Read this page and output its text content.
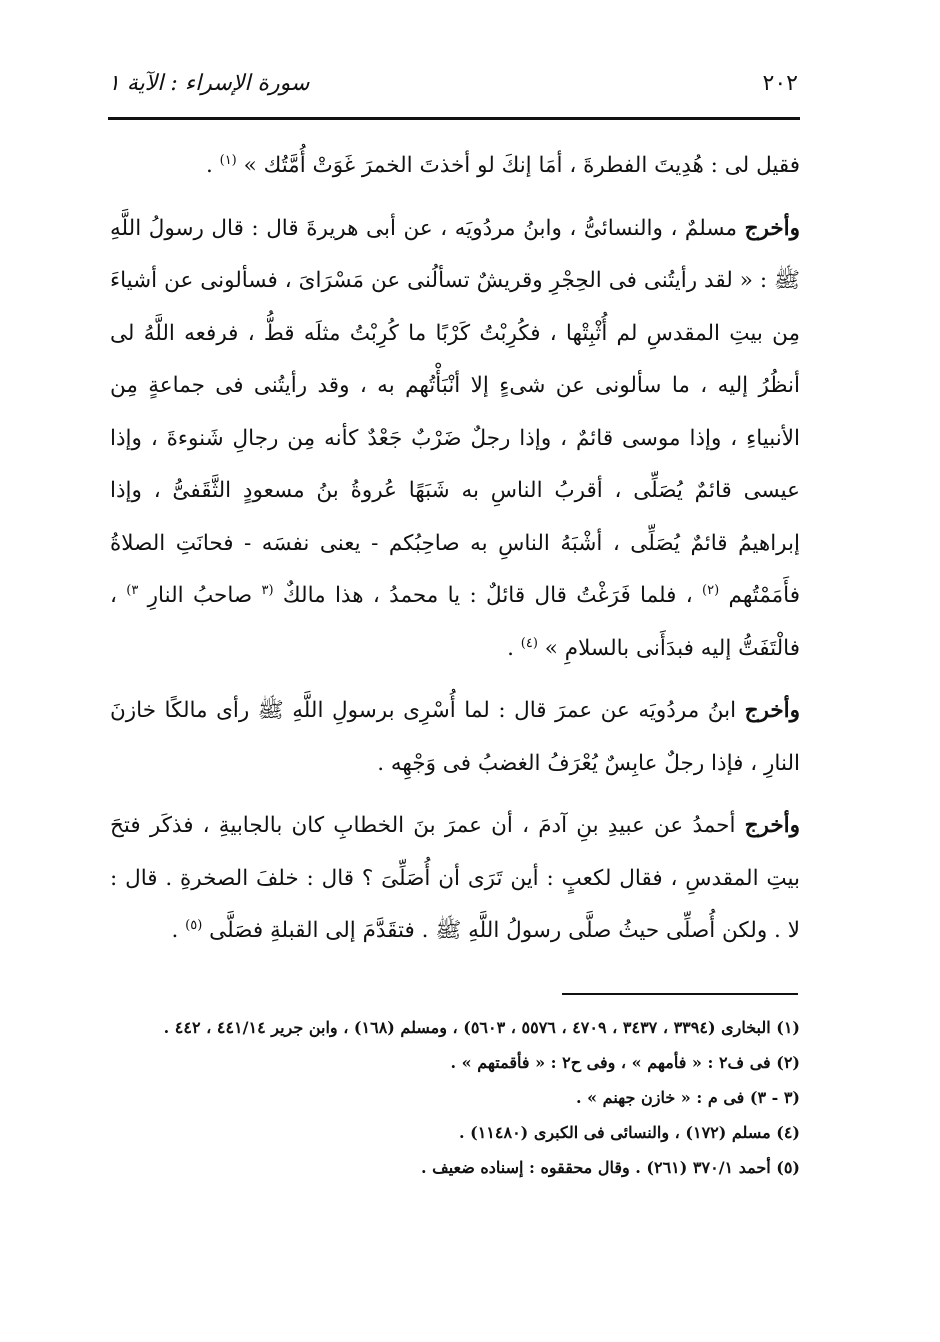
٢٠٢
سورة الإسراء : الآية ١

فقيل لى : هُدِيتَ الفطرةَ ، أمَا إنكَ لو أخذتَ الخمرَ غَوَتْ أُمَّتُك » $^{(١)}$ .

وأخرج مسلمٌ ، والنسائىُّ ، وابنُ مردُويَه ، عن أبى هريرةَ قال : قال رسولُ اللَّهِ ﷺ : « لقد رأيتُنى فى الحِجْرِ وقريشٌ تسألُنى عن مَسْرَاىَ ، فسألونى عن أشياءَ مِن بيتِ المقدسِ لم أُثْبِتْها ، فكُرِبْتُ كَرْبًا ما كُرِبْتُ مثلَه قطُّ ، فرفعه اللَّهُ لى أنظُرُ إليه ، ما سألونى عن شىءٍ إلا أنْبَأْتُهم به ، وقد رأيتُنى فى جماعةٍ مِن الأنبياءِ ، وإذا موسى قائمٌ ، وإذا رجلٌ ضَرْبٌ جَعْدٌ كأنه مِن رجالِ شَنوءةَ ، وإذا عيسى قائمٌ يُصَلِّى ، أقربُ الناسِ به شَبَهًا عُروةُ بنُ مسعودٍ الثَّقَفىُّ ، وإذا إبراهيمُ قائمٌ يُصَلِّى ، أشْبَهُ الناسِ به صاحِبُكم - يعنى نفسَه - فحانَتِ الصلاةُ فأَمَمْتُهم $^{(٢)}$ ، فلما فَرَغْتُ قال قائلٌ : يا محمدُ ، هذا مالكٌ $^{(٣}$ صاحبُ النارِ $^{٣)}$ ، فالْتَفَتُّ إليه فبدَأَنى بالسلامِ » $^{(٤)}$ .

وأخرج ابنُ مردُويَه عن عمرَ قال : لما أُسْرِى برسولِ اللَّهِ ﷺ رأى مالكًا خازنَ النارِ ، فإذا رجلٌ عابِسٌ يُعْرَفُ الغضبُ فى وَجْهِه .

وأخرج أحمدُ عن عبيدِ بنِ آدمَ ، أن عمرَ بنَ الخطابِ كان بالجابيةِ ، فذكَر فتحَ بيتِ المقدسِ ، فقال لكعبٍ : أين تَرَى أن أُصَلِّىَ ؟ قال : خلفَ الصخرةِ . قال : لا . ولكن أُصلِّى حيثُ صلَّى رسولُ اللَّهِ ﷺ . فتقَدَّمَ إلى القبلةِ فصَلَّى $^{(٥)}$ .

(١) البخارى (٣٣٩٤ ، ٣٤٣٧ ، ٤٧٠٩ ، ٥٥٧٦ ، ٥٦٠٣) ، ومسلم (١٦٨) ، وابن جرير ٤٤١/١٤ ، ٤٤٢ .

(٢) فى ف٢ : « فأمهم » ، وفى ح٢ : « فأقمتهم » .

(٣ - ٣) فى م : « خازن جهنم » .

(٤) مسلم (١٧٢) ، والنسائى فى الكبرى (١١٤٨٠) .

(٥) أحمد ٣٧٠/١ (٢٦١) . وقال محققوه : إسناده ضعيف .
